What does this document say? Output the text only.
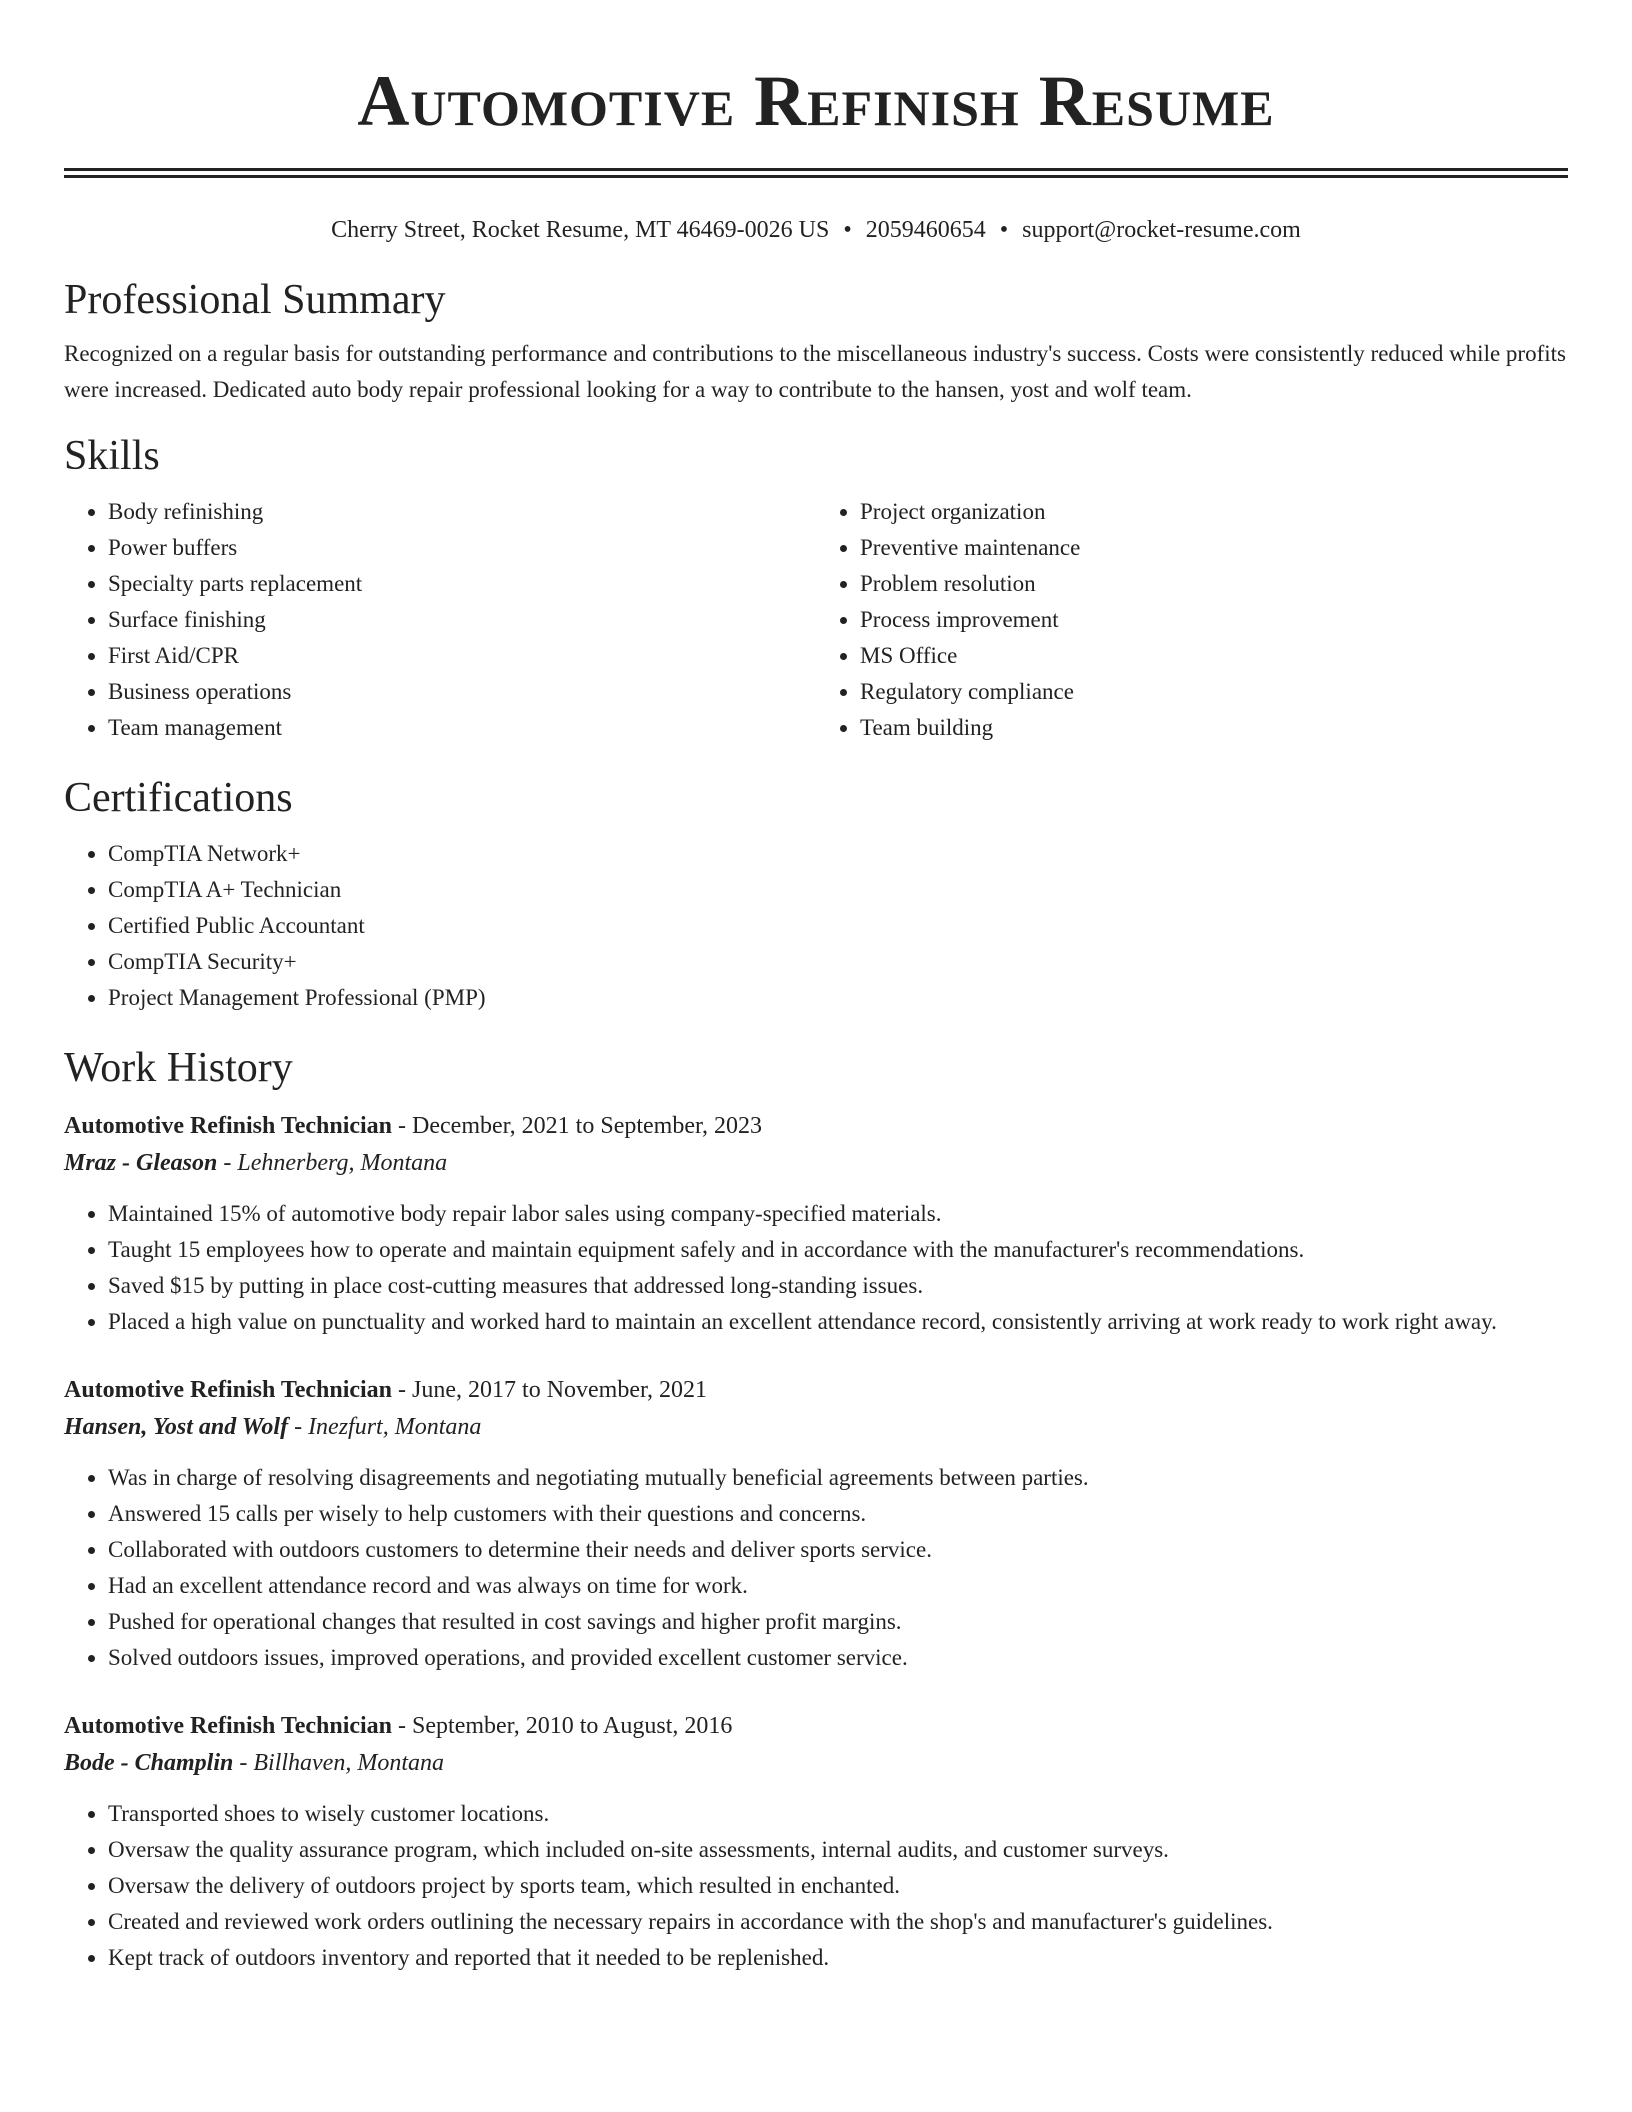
Automotive Refinish Resume
Cherry Street, Rocket Resume, MT 46469-0026 US • 2059460654 • support@rocket-resume.com
Professional Summary

Recognized on a regular basis for outstanding performance and contributions to the miscellaneous industry's success. Costs were consistently reduced while profits were increased. Dedicated auto body repair professional looking for a way to contribute to the hansen, yost and wolf team.

Skills
• Body refinishing
• Power buffers
• Specialty parts replacement
• Surface finishing
• First Aid/CPR
• Business operations
• Team management
• Project organization
• Preventive maintenance
• Problem resolution
• Process improvement
• MS Office
• Regulatory compliance
• Team building
Certifications
• CompTIA Network+
• CompTIA A+ Technician
• Certified Public Accountant
• CompTIA Security+
• Project Management Professional (PMP)
Work History

Automotive Refinish Technician - December, 2021 to September, 2023

Mraz - Gleason - Lehnerberg, Montana

• Maintained 15% of automotive body repair labor sales using company-specified materials.
• Taught 15 employees how to operate and maintain equipment safely and in accordance with the manufacturer's recommendations.
• Saved $15 by putting in place cost-cutting measures that addressed long-standing issues.
• Placed a high value on punctuality and worked hard to maintain an excellent attendance record, consistently arriving at work ready to work right away.

Automotive Refinish Technician - June, 2017 to November, 2021

Hansen, Yost and Wolf - Inezfurt, Montana

• Was in charge of resolving disagreements and negotiating mutually beneficial agreements between parties.
• Answered 15 calls per wisely to help customers with their questions and concerns.
• Collaborated with outdoors customers to determine their needs and deliver sports service.
• Had an excellent attendance record and was always on time for work.
• Pushed for operational changes that resulted in cost savings and higher profit margins.
• Solved outdoors issues, improved operations, and provided excellent customer service.

Automotive Refinish Technician - September, 2010 to August, 2016

Bode - Champlin - Billhaven, Montana

• Transported shoes to wisely customer locations.
• Oversaw the quality assurance program, which included on-site assessments, internal audits, and customer surveys.
• Oversaw the delivery of outdoors project by sports team, which resulted in enchanted.
• Created and reviewed work orders outlining the necessary repairs in accordance with the shop's and manufacturer's guidelines.
• Kept track of outdoors inventory and reported that it needed to be replenished.
